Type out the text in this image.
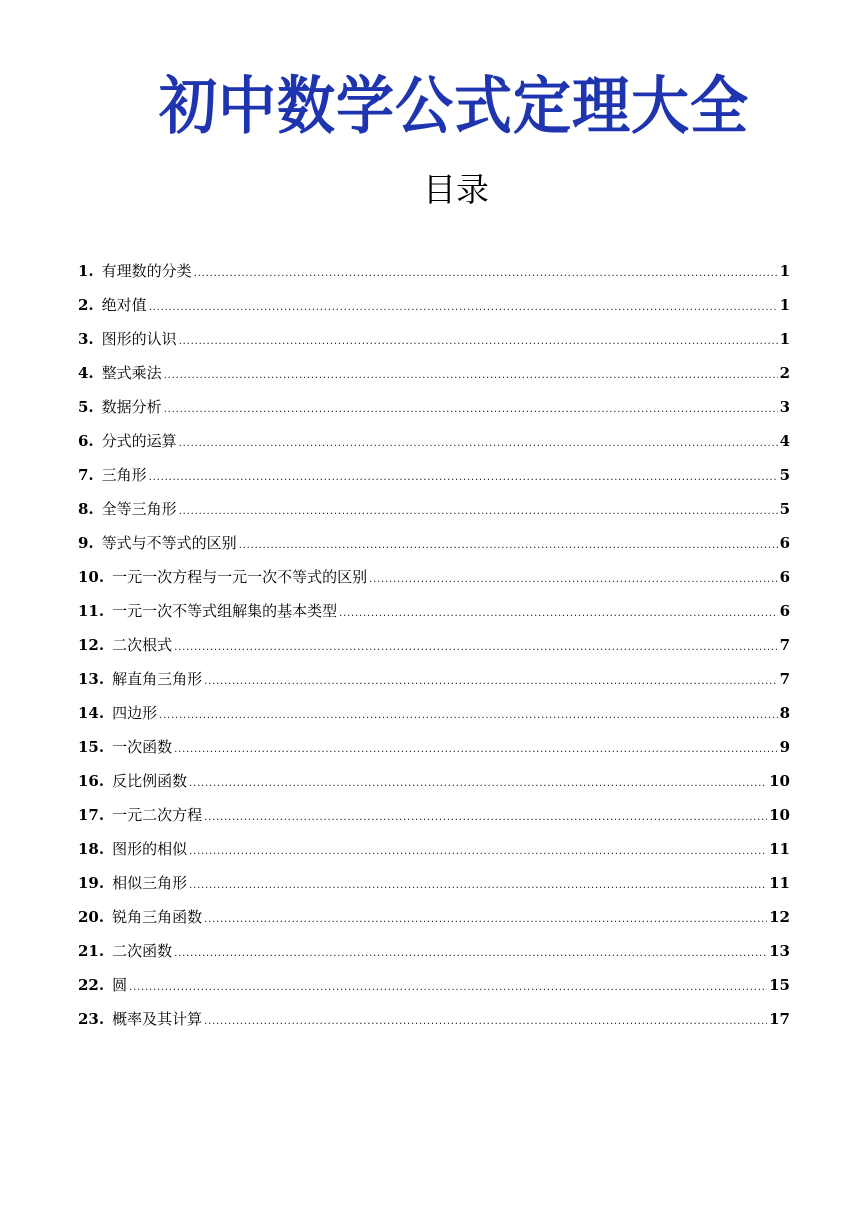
初中数学公式定理大全
目录
1. 有理数的分类 .....	1
2. 绝对值 .....	1
3. 图形的认识 .....	1
4. 整式乘法 .....	2
5. 数据分析 .....	3
6. 分式的运算 .....	4
7. 三角形 .....	5
8. 全等三角形 .....	5
9. 等式与不等式的区别 .....	6
10. 一元一次方程与一元一次不等式的区别 .....	6
11. 一元一次不等式组解集的基本类型 .....	6
12. 二次根式 .....	7
13. 解直角三角形 .....	7
14. 四边形 .....	8
15. 一次函数 .....	9
16. 反比例函数 .....	10
17. 一元二次方程 .....	10
18. 图形的相似 .....	11
19. 相似三角形 .....	11
20. 锐角三角函数 .....	12
21. 二次函数 .....	13
22. 圆 .....	15
23. 概率及其计算 .....	17
